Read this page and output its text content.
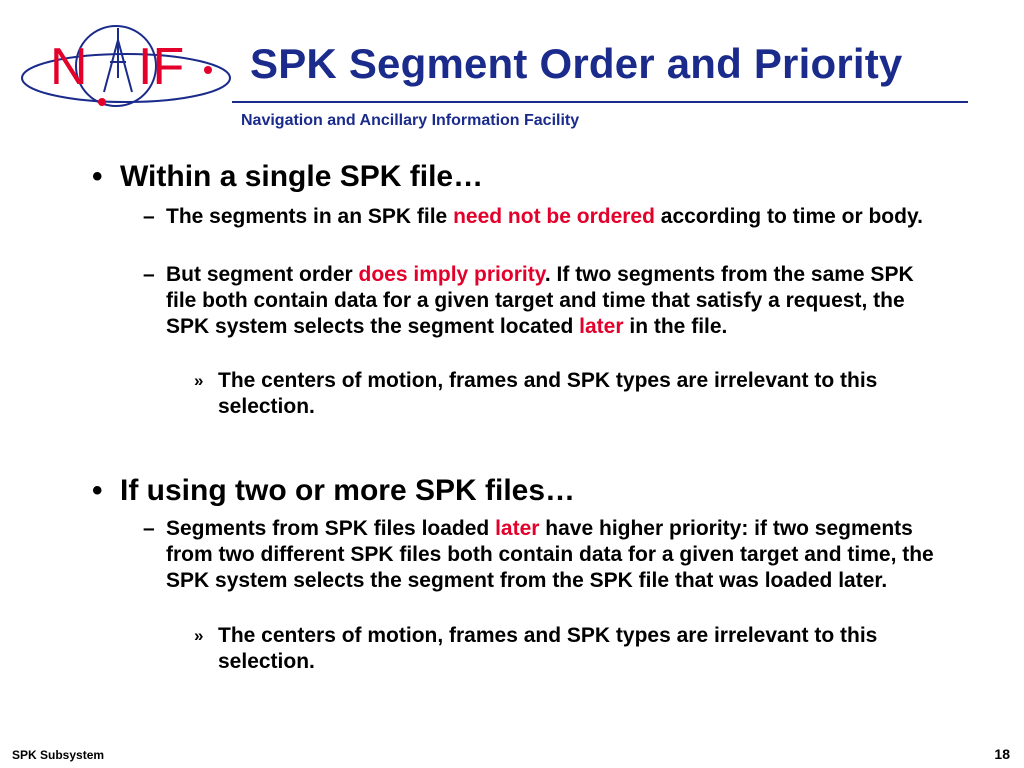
N IF SPK Segment Order and Priority
Navigation and Ancillary Information Facility
• Within a single SPK file…
– The segments in an SPK file need not be ordered according to time or body.
– But segment order does imply priority. If two segments from the same SPK file both contain data for a given target and time that satisfy a request, the SPK system selects the segment located later in the file.
» The centers of motion, frames and SPK types are irrelevant to this selection.
• If using two or more SPK files…
– Segments from SPK files loaded later have higher priority: if two segments from two different SPK files both contain data for a given target and time, the SPK system selects the segment from the SPK file that was loaded later.
» The centers of motion, frames and SPK types are irrelevant to this selection.
SPK Subsystem	18
